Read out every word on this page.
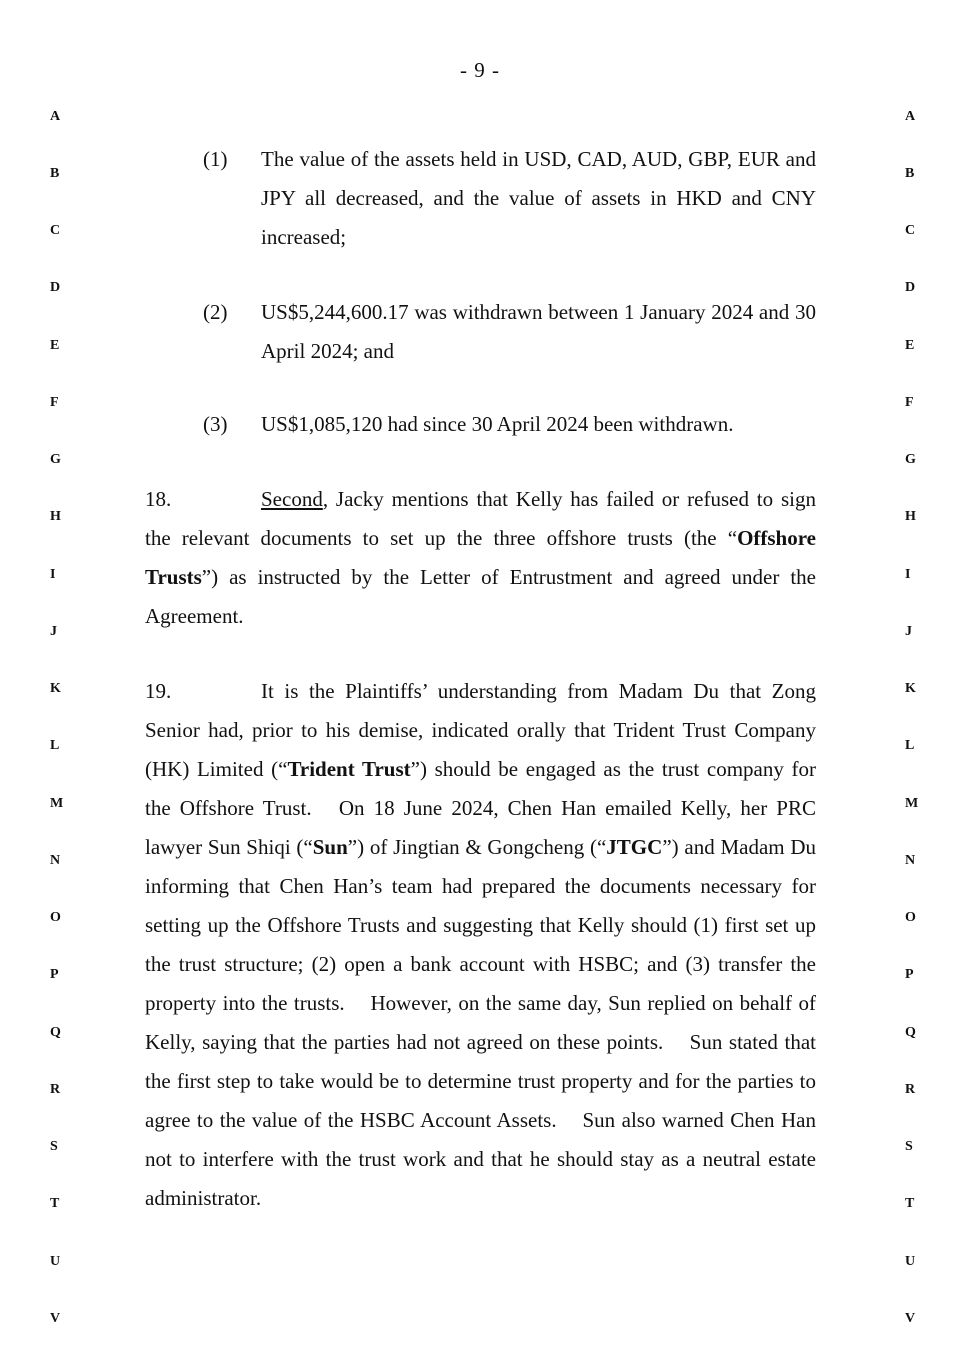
- 9 -
A
B
C
D
E
F
G
H
I
J
K
L
M
N
O
P
Q
R
S
T
U
V
A
B
C
D
E
F
G
H
I
J
K
L
M
N
O
P
Q
R
S
T
U
V
(1) The value of the assets held in USD, CAD, AUD, GBP, EUR and JPY all decreased, and the value of assets in HKD and CNY increased;
(2) US$5,244,600.17 was withdrawn between 1 January 2024 and 30 April 2024; and
(3) US$1,085,120 had since 30 April 2024 been withdrawn.
18.	Second, Jacky mentions that Kelly has failed or refused to sign the relevant documents to set up the three offshore trusts (the “Offshore Trusts”) as instructed by the Letter of Entrustment and agreed under the Agreement.
19.	It is the Plaintiffs’ understanding from Madam Du that Zong Senior had, prior to his demise, indicated orally that Trident Trust Company (HK) Limited (“Trident Trust”) should be engaged as the trust company for the Offshore Trust.   On 18 June 2024, Chen Han emailed Kelly, her PRC lawyer Sun Shiqi (“Sun”) of Jingtian & Gongcheng (“JTGC”) and Madam Du informing that Chen Han’s team had prepared the documents necessary for setting up the Offshore Trusts and suggesting that Kelly should (1) first set up the trust structure; (2) open a bank account with HSBC; and (3) transfer the property into the trusts.    However, on the same day, Sun replied on behalf of Kelly, saying that the parties had not agreed on these points.    Sun stated that the first step to take would be to determine trust property and for the parties to agree to the value of the HSBC Account Assets.    Sun also warned Chen Han not to interfere with the trust work and that he should stay as a neutral estate administrator.
